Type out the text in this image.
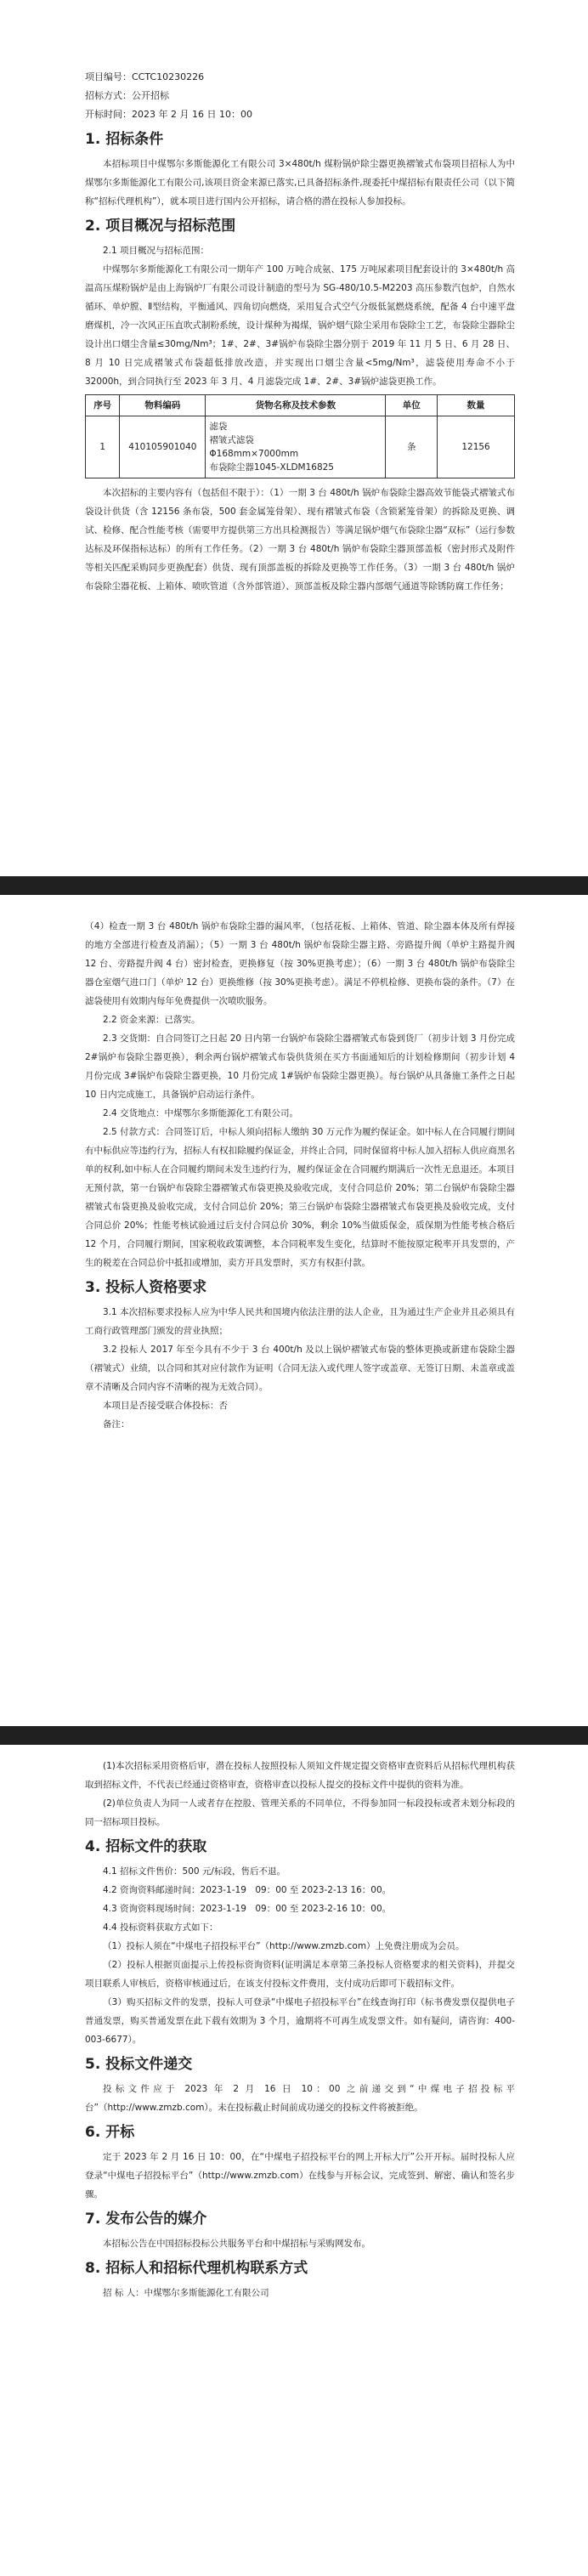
项目编号：CCTC10230226
招标方式：公开招标
开标时间：2023 年 2 月 16 日 10：00
1. 招标条件

本招标项目中煤鄂尔多斯能源化工有限公司 3×480t/h 煤粉锅炉除尘器更换褶皱式布袋项目招标人为中煤鄂尔多斯能源化工有限公司,该项目资金来源已落实,已具备招标条件,现委托中煤招标有限责任公司（以下简称“招标代理机构”），就本项目进行国内公开招标，请合格的潜在投标人参加投标。

2. 项目概况与招标范围

2.1 项目概况与招标范围：

中煤鄂尔多斯能源化工有限公司一期年产 100 万吨合成氨、175 万吨尿素项目配套设计的 3×480t/h 高温高压煤粉锅炉是由上海锅炉厂有限公司设计制造的型号为 SG-480/10.5-M2203 高压参数汽包炉，自然水循环、单炉膛、Ⅱ型结构，平衡通风、四角切向燃烧，采用复合式空气分级低氮燃烧系统，配备 4 台中速平盘磨煤机，冷一次风正压直吹式制粉系统，设计煤种为褐煤，锅炉烟气除尘采用布袋除尘工艺，布袋除尘器除尘设计出口烟尘含量≤30mg/Nm³；1#、2#、3#锅炉布袋除尘器分别于 2019 年 11 月 5 日、6 月 28 日、8 月 10 日完成褶皱式布袋超低排放改造，并实现出口烟尘含量<5mg/Nm³，滤袋使用寿命不小于 32000h，到合同执行至 2023 年 3 月、4 月滤袋完成 1#、2#、3#锅炉滤袋更换工作。

序号	物料编码	货物名称及技术参数	单位	数量
1	410105901040	滤袋
褶皱式滤袋
Φ168mm×7000mm
布袋除尘器1045-XLDM16825	条	12156

本次招标的主要内容有（包括但不限于）：（1）一期 3 台 480t/h 锅炉布袋除尘器高效节能袋式褶皱式布袋设计供货（含 12156 条布袋，500 套金属笼骨架）、现有褶皱式布袋（含锁紧笼骨架）的拆除及更换、调试、检修、配合性能考核（需要甲方提供第三方出具检测报告）等满足锅炉烟气布袋除尘器“双标”（运行参数达标及环保指标达标）的所有工作任务。（2）一期 3 台 480t/h 锅炉布袋除尘器顶部盖板（密封形式及附件等相关匹配采购同步更换配套）供货、现有顶部盖板的拆除及更换等工作任务。（3）一期 3 台 480t/h 锅炉布袋除尘器花板、上箱体、喷吹管道（含外部管道）、顶部盖板及除尘器内部烟气通道等除锈防腐工作任务；

（4）检查一期 3 台 480t/h 锅炉布袋除尘器的漏风率，（包括花板、上箱体、管道、除尘器本体及所有焊接的地方全部进行检查及消漏）；（5）一期 3 台 480t/h 锅炉布袋除尘器主路、旁路提升阀（单炉主路提升阀 12 台、旁路提升阀 4 台）密封检查，更换修复（按 30%更换考虑）；（6）一期 3 台 480t/h 锅炉布袋除尘器仓室烟气进口门（单炉 12 台）更换维修（按 30%更换考虑）。满足不停机检修、更换布袋的条件。（7）在滤袋使用有效期内每年免费提供一次喷吹服务。

2.2 资金来源：已落实。

2.3 交货期：自合同签订之日起 20 日内第一台锅炉布袋除尘器褶皱式布袋到货厂（初步计划 3 月份完成 2#锅炉布袋除尘器更换），剩余两台锅炉褶皱式布袋供货须在买方书面通知后的计划检修期间（初步计划 4 月份完成 3#锅炉布袋除尘器更换，10 月份完成 1#锅炉布袋除尘器更换）。每台锅炉从具备施工条件之日起 10 日内完成施工，具备锅炉启动运行条件。

2.4 交货地点：中煤鄂尔多斯能源化工有限公司。

2.5 付款方式：合同签订后，中标人须向招标人缴纳 30 万元作为履约保证金。如中标人在合同履行期间有中标供应等违约行为，招标人有权扣除履约保证金，并终止合同，同时保留将中标人加入招标人供应商黑名单的权利,如中标人在合同履约期间未发生违约行为，履约保证金在合同履约期满后一次性无息退还。本项目无预付款，第一台锅炉布袋除尘器褶皱式布袋更换及验收完成，支付合同总价 20%；第二台锅炉布袋除尘器褶皱式布袋更换及验收完成，支付合同总价 20%；第三台锅炉布袋除尘器褶皱式布袋更换及验收完成，支付合同总价 20%；性能考核试验通过后支付合同总价 30%，剩余 10%当做质保金，质保期为性能考核合格后 12 个月，合同履行期间，国家税收政策调整，本合同税率发生变化，结算时不能按原定税率开具发票的，产生的税差在合同总价中抵扣或增加，卖方开具发票时，买方有权拒付款。

3. 投标人资格要求

3.1 本次招标要求投标人应为中华人民共和国境内依法注册的法人企业，且为通过生产企业并且必须具有工商行政管理部门颁发的营业执照；

3.2 投标人 2017 年至今具有不少于 3 台 400t/h 及以上锅炉褶皱式布袋的整体更换或新建布袋除尘器（褶皱式）业绩，以合同和其对应付款作为证明（合同无法入或代理人签字或盖章、无签订日期、未盖章或盖章不清晰及合同内容不清晰的视为无效合同）。

本项目是否接受联合体投标：否

备注：

(1)本次招标采用资格后审，潜在投标人按照投标人须知文件规定提交资格审查资料后从招标代理机构获取到招标文件，不代表已经通过资格审查，资格审查以投标人提交的投标文件中提供的资料为准。

(2)单位负责人为同一人或者存在控股、管理关系的不同单位，不得参加同一标段投标或者未划分标段的同一招标项目投标。

4. 招标文件的获取

4.1 招标文件售价：500 元/标段，售后不退。

4.2 资询资料邮递时间：2023-1-19　09：00 至 2023-2-13 16：00。

4.3 资询资料现场时间：2023-1-19　09：00 至 2023-2-16 10：00。

4.4 投标资料获取方式如下：

（1）投标人须在“中煤电子招投标平台”（http://www.zmzb.com）上免费注册成为会员。

（2）投标人根据页面提示上传投标资询资料(证明满足本章第三条投标人资格要求的相关资料)，并提交项目联系人审核后，资格审核通过后，在该支付投标文件费用，支付成功后即可下载招标文件。

（3）购买招标文件的发票，投标人可登录“中煤电子招投标平台”在线查询打印（标书费发票仅提供电子普通发票，购买普通发票在此下载有效期为 3 个月，逾期将不可再生成发票文件。如有疑问，请咨询：400-003-6677）。

5. 投标文件递交

投标文件应于 2023 年 2 月 16 日 10：00 之前递交到“中煤电子招投标平台”（http://www.zmzb.com）。未在投标截止时间前成功递交的投标文件将被拒绝。

6. 开标

定于 2023 年 2 月 16 日 10：00，在“中煤电子招投标平台的网上开标大厅”公开开标。届时投标人应登录“中煤电子招投标平台”（http://www.zmzb.com）在线参与开标会议，完成签到、解密、确认和签名步骤。

7. 发布公告的媒介

本招标公告在中国招标投标公共服务平台和中煤招标与采购网发布。

8. 招标人和招标代理机构联系方式

招 标 人：中煤鄂尔多斯能源化工有限公司
